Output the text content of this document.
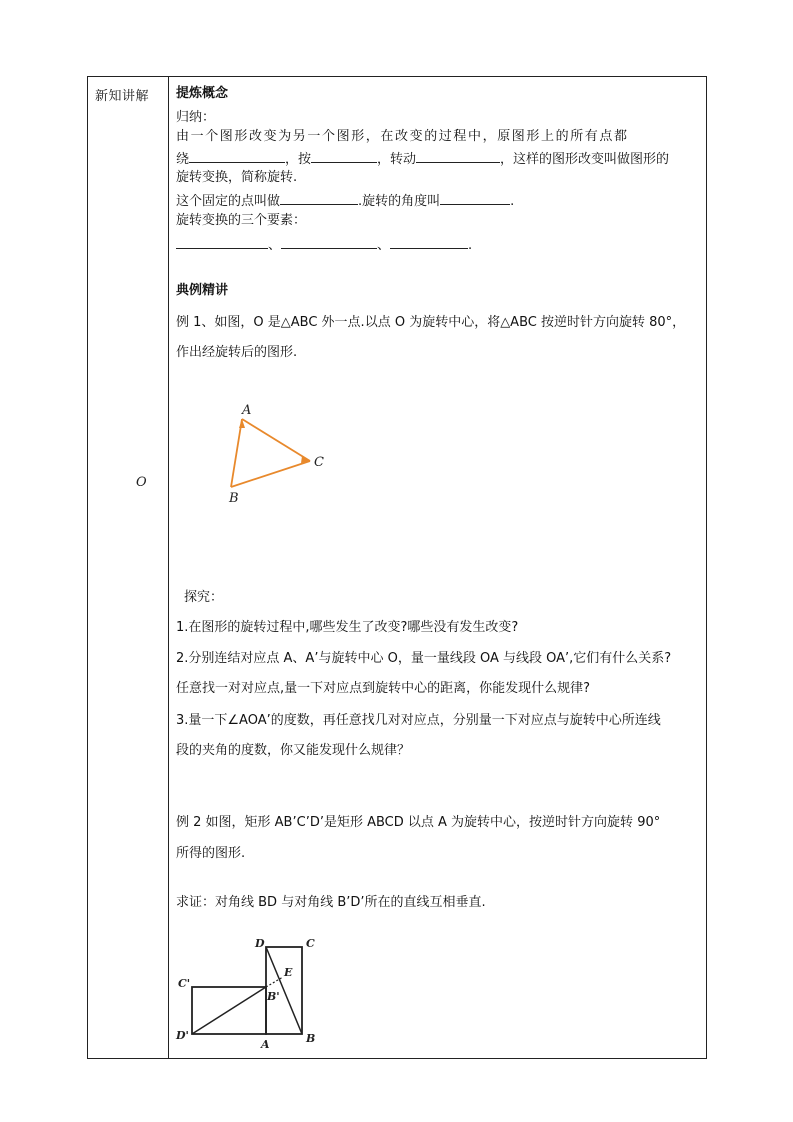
新知讲解 提炼概念
归纳：
由一个图形改变为另一个图形，在改变的过程中，原图形上的所有点都
绕	，按	，转动	，这样的图形改变叫做图形的
旋转变换，简称旋转.
这个固定的点叫做	.旋转的角度叫	.
旋转变换的三个要素：
、	、	.
典例精讲
例 1、如图，O 是△ABC 外一点.以点 O 为旋转中心，将△ABC 按逆时针方向旋转 80°，
作出经旋转后的图形.
A
B
C
O
探究：
1.在图形的旋转过程中,哪些发生了改变?哪些没有发生改变?
2.分别连结对应点 A、A’与旋转中心 O，量一量线段 OA 与线段 OA’,它们有什么关系?
任意找一对对应点,量一下对应点到旋转中心的距离，你能发现什么规律?
3.量一下∠AOA’的度数，再任意找几对对应点，分别量一下对应点与旋转中心所连线
段的夹角的度数，你又能发现什么规律？
例 2 如图，矩形 AB’C’D’是矩形 ABCD 以点 A 为旋转中心，按逆时针方向旋转 90°
所得的图形.
求证：对角线 BD 与对角线 B’D’所在的直线互相垂直.
D	C
E
C'
B'
D'
A	B
